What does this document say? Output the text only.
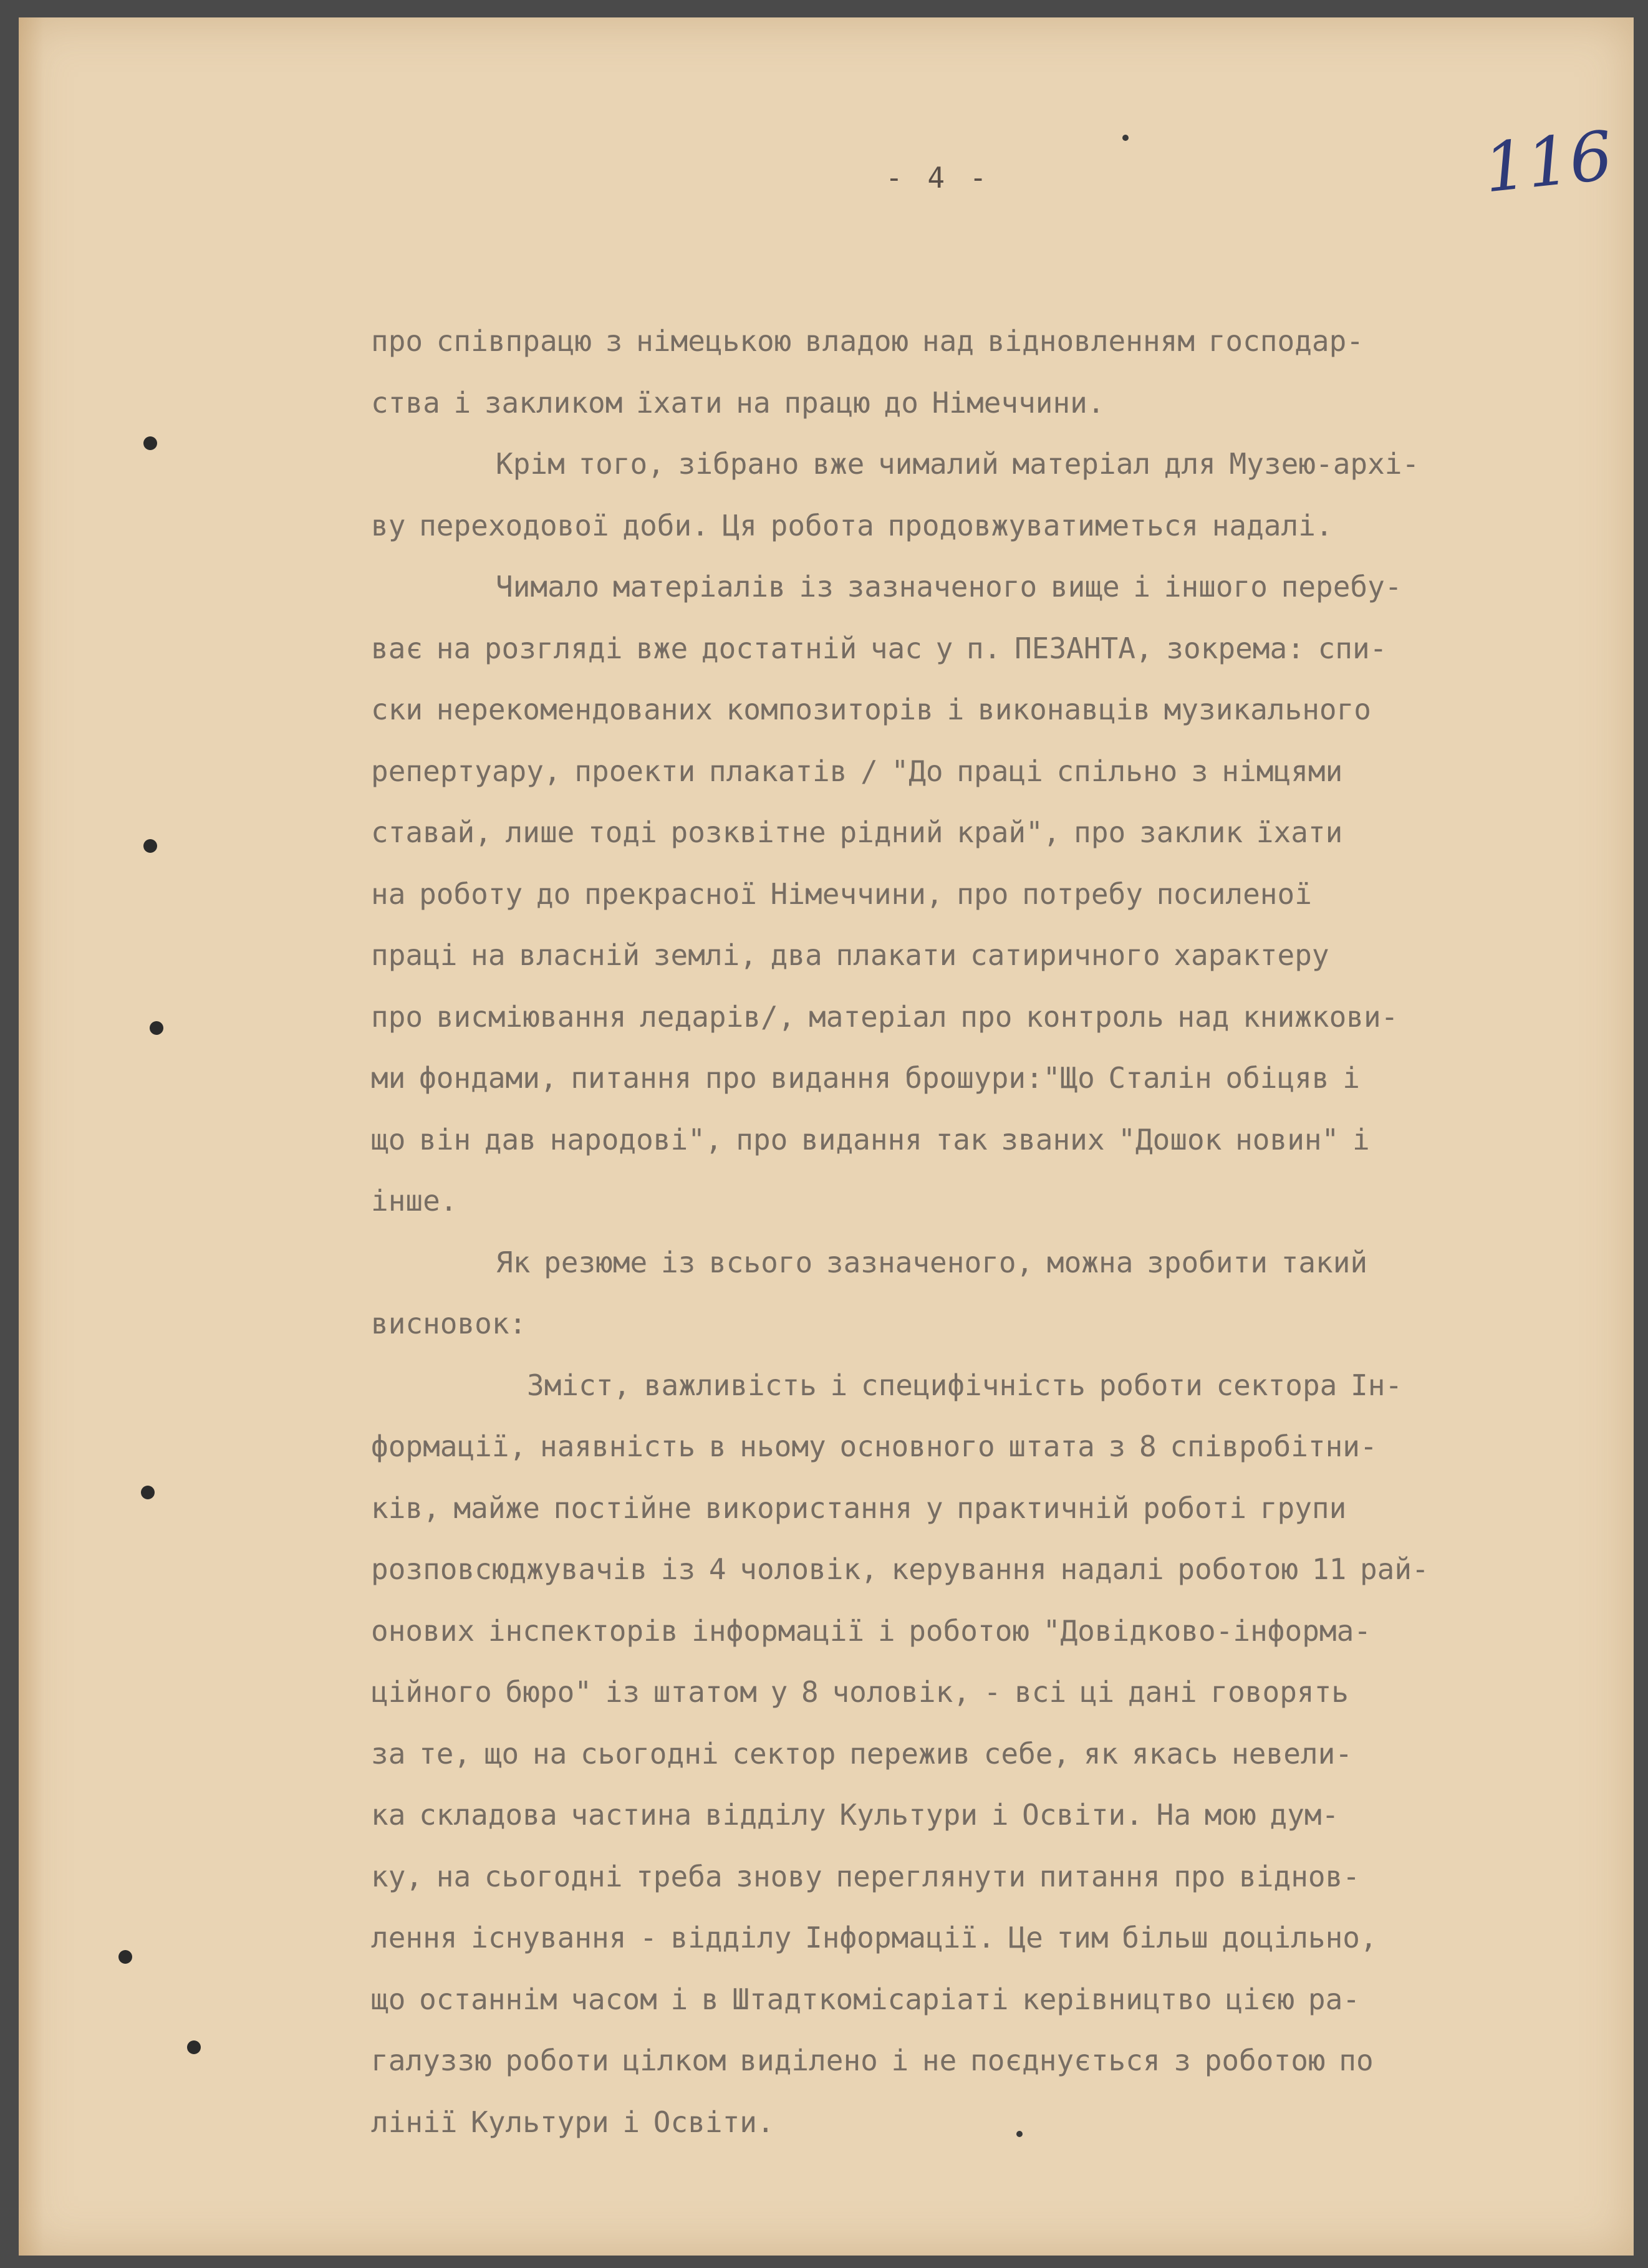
- 4 -	116
про співпрацю з німецькою владою над відновленням господар-
ства і закликом їхати на працю до Німеччини.
Крім того, зібрано вже чималий матеріал для Музею-архі-
ву переходової доби. Ця робота продовжуватиметься надалі.
Чимало матеріалів із зазначеного вище і іншого перебу-
ває на розгляді вже достатній час у п. ПЕЗАНТА, зокрема: спи-
ски нерекомендованих композиторів і виконавців музикального
репертуару, проекти плакатів / "До праці спільно з німцями
ставай, лише тоді розквітне рідний край", про заклик їхати
на роботу до прекрасної Німеччини, про потребу посиленої
праці на власній землі, два плакати сатиричного характеру
про висміювання ледарів/, матеріал про контроль над книжкови-
ми фондами, питання про видання брошури:"Що Сталін обіцяв і
що він дав народові", про видання так званих "Дошок новин" і
інше.
Як резюме із всього зазначеного, можна зробити такий
висновок:
Зміст, важливість і специфічність роботи сектора Ін-
формації, наявність в ньому основного штата з 8 співробітни-
ків, майже постійне використання у практичній роботі групи
розповсюджувачів із 4 чоловік, керування надалі роботою 11 рай-
онових інспекторів інформації і роботою "Довідково-інформа-
ційного бюро" із штатом у 8 чоловік, - всі ці дані говорять
за те, що на сьогодні сектор пережив себе, як якась невели-
ка складова частина відділу Культури і Освіти. На мою дум-
ку, на сьогодні треба знову переглянути питання про віднов-
лення існування - відділу Інформації. Це тим більш доцільно,
що останнім часом і в Штадткомісаріаті керівництво цією ра-
галуззю роботи цілком виділено і не поєднується з роботою по
лінії Культури і Освіти.
